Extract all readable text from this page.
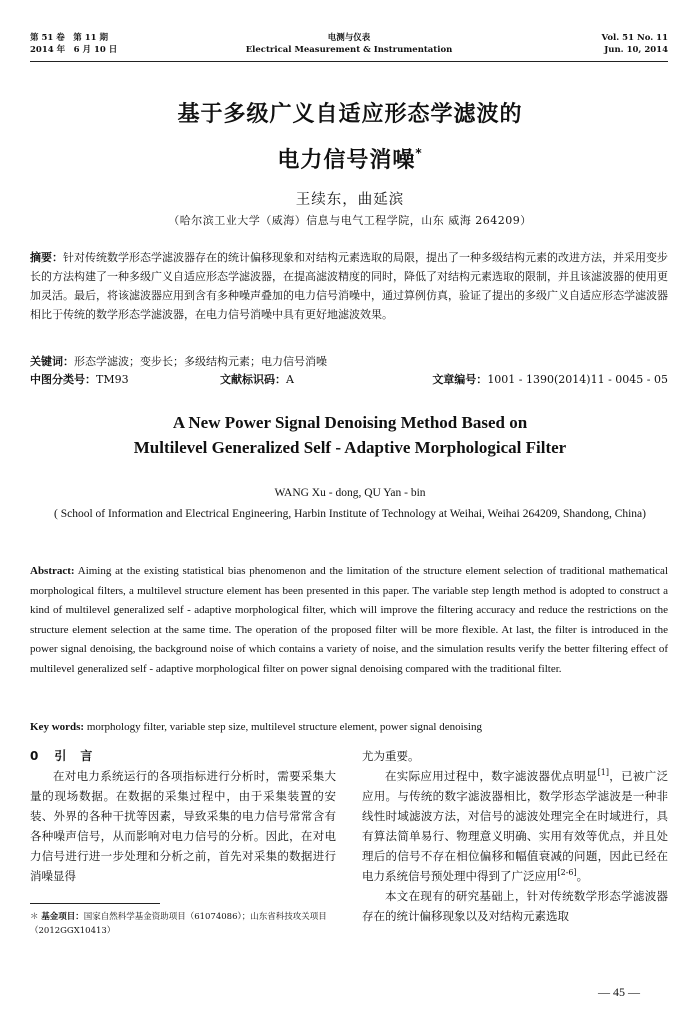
第 51 卷　第 11 期
2014 年　6 月 10 日
电测与仪表
Electrical Measurement & Instrumentation
Vol. 51 No. 11
Jun. 10, 2014
基于多级广义自适应形态学滤波的
电力信号消噪*
王续东，曲延滨
（哈尔滨工业大学（威海）信息与电气工程学院，山东 威海 264209）
摘要：针对传统数学形态学滤波器存在的统计偏移现象和对结构元素选取的局限，提出了一种多级结构元素的改进方法，并采用变步长的方法构建了一种多级广义自适应形态学滤波器，在提高滤波精度的同时，降低了对结构元素选取的限制，并且该滤波器的使用更加灵活。最后，将该滤波器应用到含有多种噪声叠加的电力信号消噪中，通过算例仿真，验证了提出的多级广义自适应形态学滤波器相比于传统的数学形态学滤波器，在电力信号消噪中具有更好地滤波效果。
关键词：形态学滤波；变步长；多级结构元素；电力信号消噪
中图分类号：TM93	文献标识码：A	文章编号：1001 - 1390(2014)11 - 0045 - 05
A New Power Signal Denoising Method Based on
Multilevel Generalized Self - Adaptive Morphological Filter
WANG Xu - dong, QU Yan - bin
( School of Information and Electrical Engineering, Harbin Institute of Technology at Weihai, Weihai 264209, Shandong, China)
Abstract: Aiming at the existing statistical bias phenomenon and the limitation of the structure element selection of traditional mathematical morphological filters, a multilevel structure element has been presented in this paper. The variable step length method is adopted to construct a kind of multilevel generalized self - adaptive morphological filter, which will improve the filtering accuracy and reduce the restrictions on the structure element selection at the same time. The operation of the proposed filter will be more flexible. At last, the filter is introduced in the power signal denoising, the background noise of which contains a variety of noise, and the simulation results verify the better filtering effect of multilevel generalized self - adaptive morphological filter on power signal denoising compared with the traditional filter.
Key words: morphology filter, variable step size, multilevel structure element, power signal denoising
0 引言
在对电力系统运行的各项指标进行分析时，需要采集大量的现场数据。在数据的采集过程中，由于采集装置的安装、外界的各种干扰等因素，导致采集的电力信号常常含有各种噪声信号，从而影响对电力信号的分析。因此，在对电力信号进行进一步处理和分析之前，首先对采集的数据进行消噪显得
尤为重要。
在实际应用过程中，数字滤波器优点明显[1]，已被广泛应用。与传统的数字滤波器相比，数学形态学滤波是一种非线性时域滤波方法，对信号的滤波处理完全在时域进行，具有算法简单易行、物理意义明确、实用有效等优点，并且处理后的信号不存在相位偏移和幅值衰减的问题，因此已经在电力系统信号预处理中得到了广泛应用[2-6]。
本文在现有的研究基础上，针对传统数学形态学滤波器存在的统计偏移现象以及对结构元素选取
＊ 基金项目：国家自然科学基金资助项目（61074086）；山东省科技攻关项目（2012GGX10413）
— 45 —
